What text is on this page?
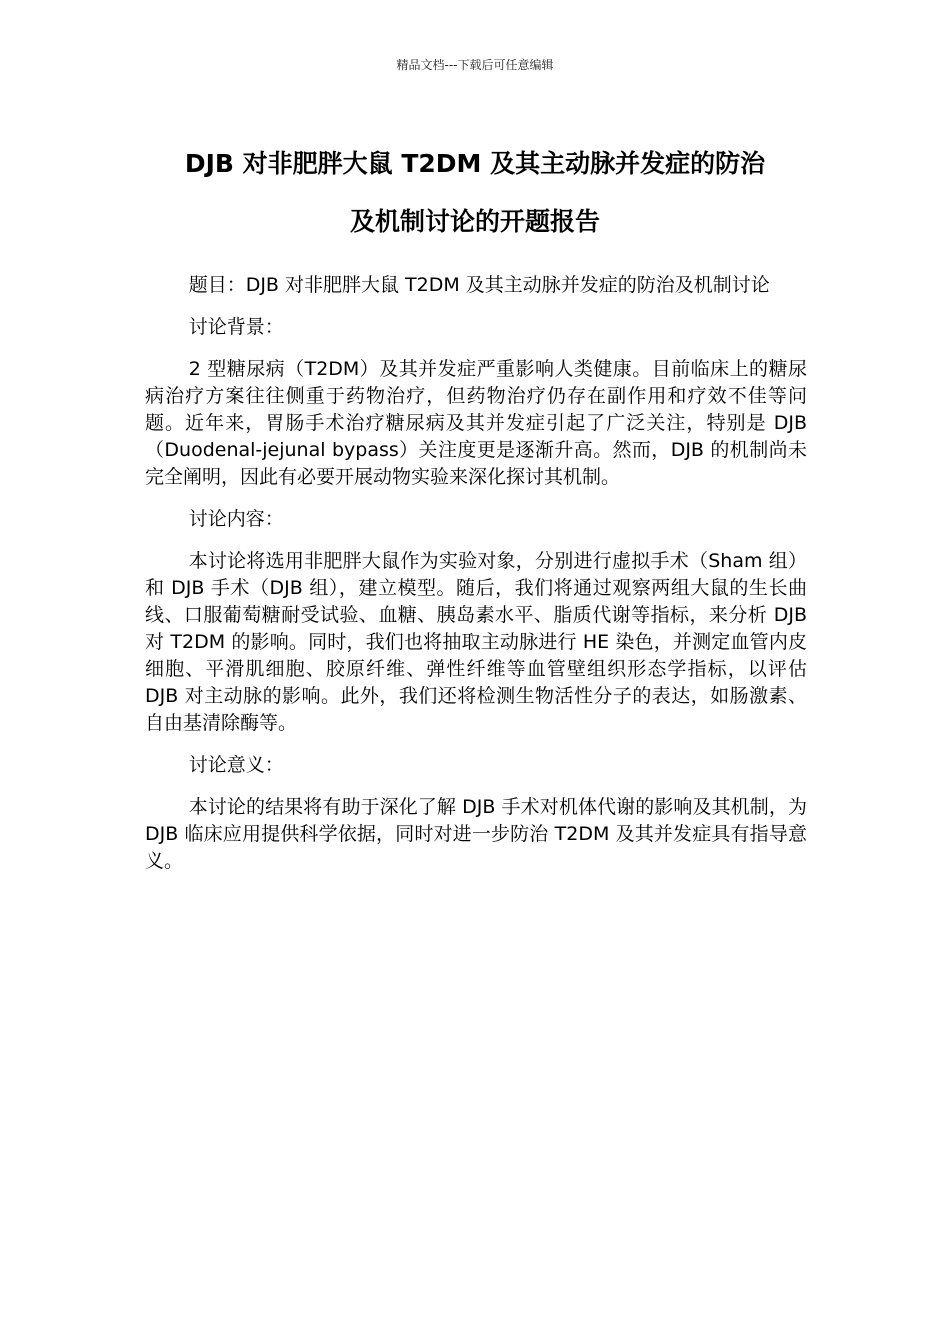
精品文档---下载后可任意编辑
DJB 对非肥胖大鼠 T2DM 及其主动脉并发症的防治
及机制讨论的开题报告

题目：DJB 对非肥胖大鼠 T2DM 及其主动脉并发症的防治及机制讨论

讨论背景：

2 型糖尿病（T2DM）及其并发症严重影响人类健康。目前临床上的糖尿病治疗方案往往侧重于药物治疗，但药物治疗仍存在副作用和疗效不佳等问题。近年来，胃肠手术治疗糖尿病及其并发症引起了广泛关注，特别是 DJB（Duodenal-jejunal bypass）关注度更是逐渐升高。然而，DJB 的机制尚未完全阐明，因此有必要开展动物实验来深化探讨其机制。

讨论内容：

本讨论将选用非肥胖大鼠作为实验对象，分别进行虚拟手术（Sham 组）和 DJB 手术（DJB 组），建立模型。随后，我们将通过观察两组大鼠的生长曲线、口服葡萄糖耐受试验、血糖、胰岛素水平、脂质代谢等指标，来分析 DJB 对 T2DM 的影响。同时，我们也将抽取主动脉进行 HE 染色，并测定血管内皮细胞、平滑肌细胞、胶原纤维、弹性纤维等血管壁组织形态学指标，以评估 DJB 对主动脉的影响。此外，我们还将检测生物活性分子的表达，如肠激素、自由基清除酶等。

讨论意义：

本讨论的结果将有助于深化了解 DJB 手术对机体代谢的影响及其机制，为 DJB 临床应用提供科学依据，同时对进一步防治 T2DM 及其并发症具有指导意义。
